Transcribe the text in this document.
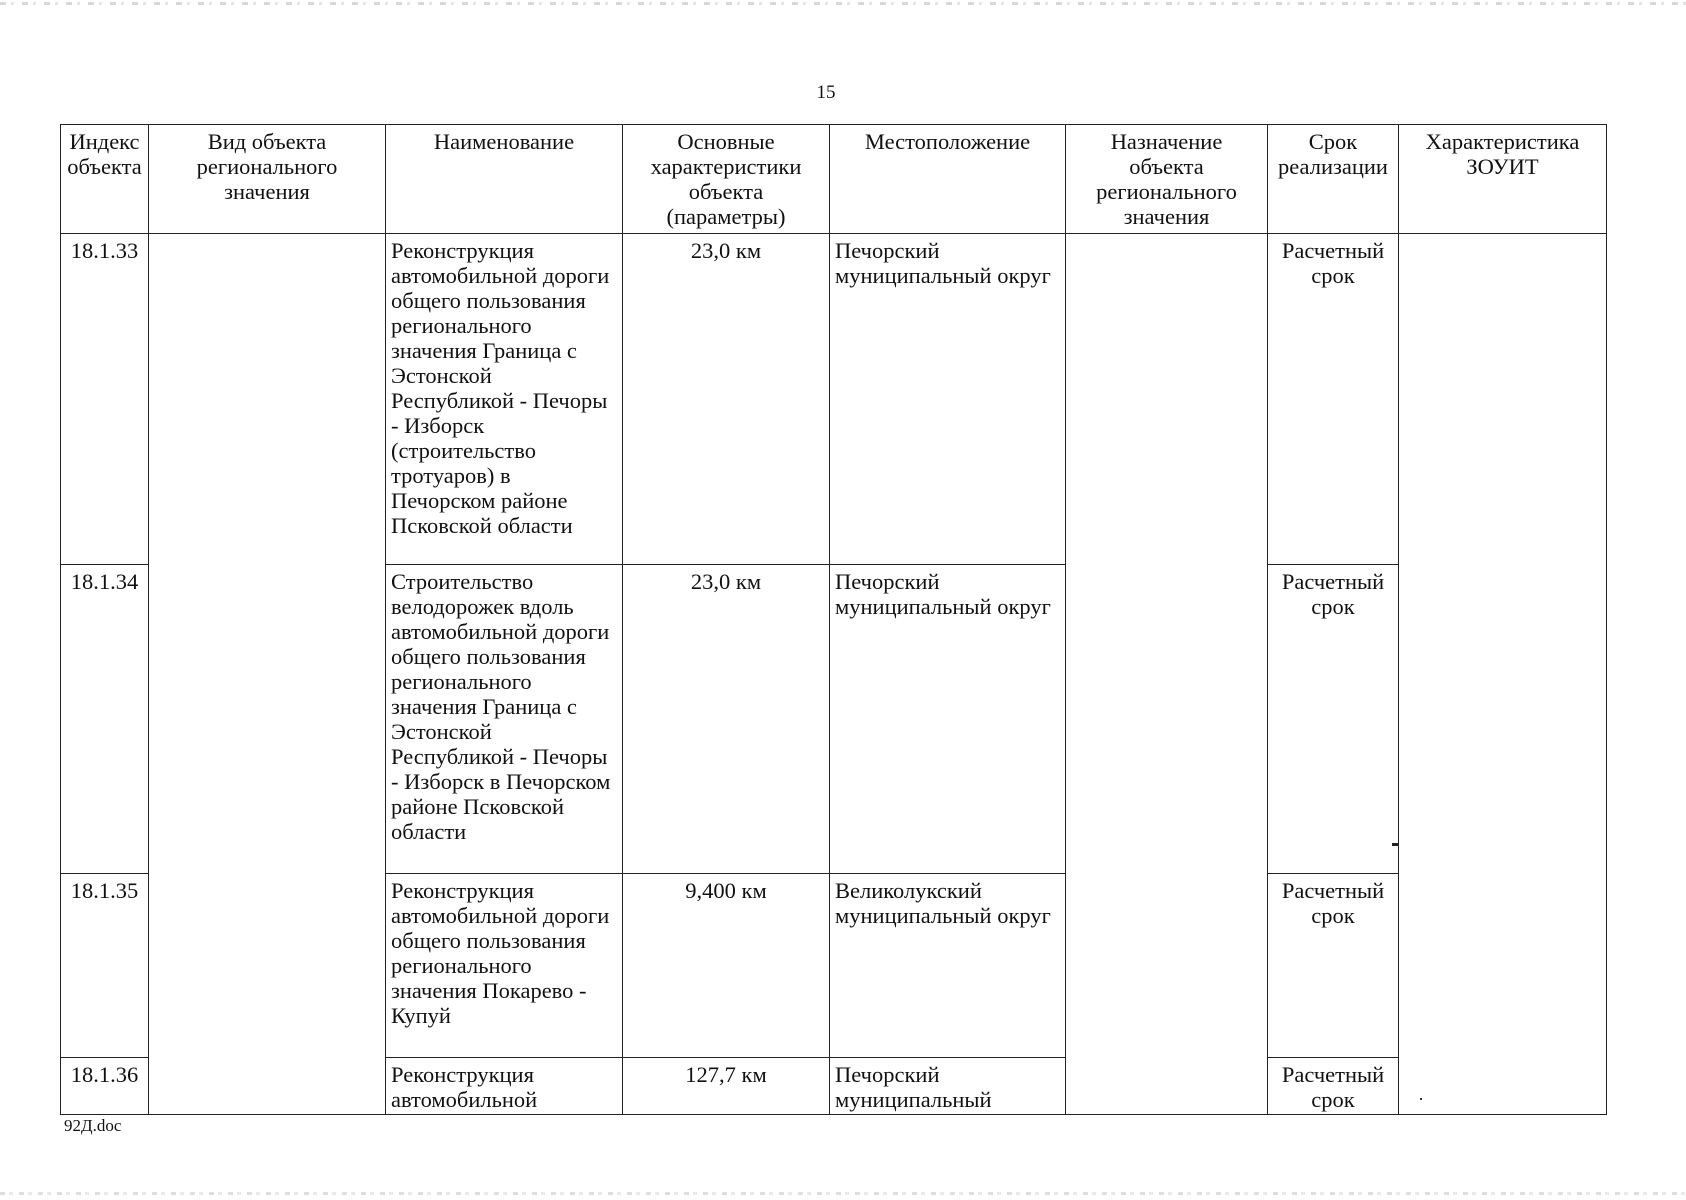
15
Индекс объекта	Вид объекта регионального значения	Наименование	Основные характеристики объекта (параметры)	Местоположение	Назначение объекта регионального значения	Срок реализации	Характеристика ЗОУИТ
18.1.33		Реконструкция автомобильной дороги общего пользования регионального значения Граница с Эстонской Республикой - Печоры - Изборск (строительство тротуаров) в Печорском районе Псковской области	23,0 км	Печорский муниципальный округ		Расчетный срок	
18.1.34		Строительство велодорожек вдоль автомобильной дороги общего пользования регионального значения Граница с Эстонской Республикой - Печоры - Изборск в Печорском районе Псковской области	23,0 км	Печорский муниципальный округ		Расчетный срок	
18.1.35		Реконструкция автомобильной дороги общего пользования регионального значения Покарево - Купуй	9,400 км	Великолукский муниципальный округ		Расчетный срок	
18.1.36		Реконструкция автомобильной	127,7 км	Печорский муниципальный		Расчетный срок	
92Д.doc
